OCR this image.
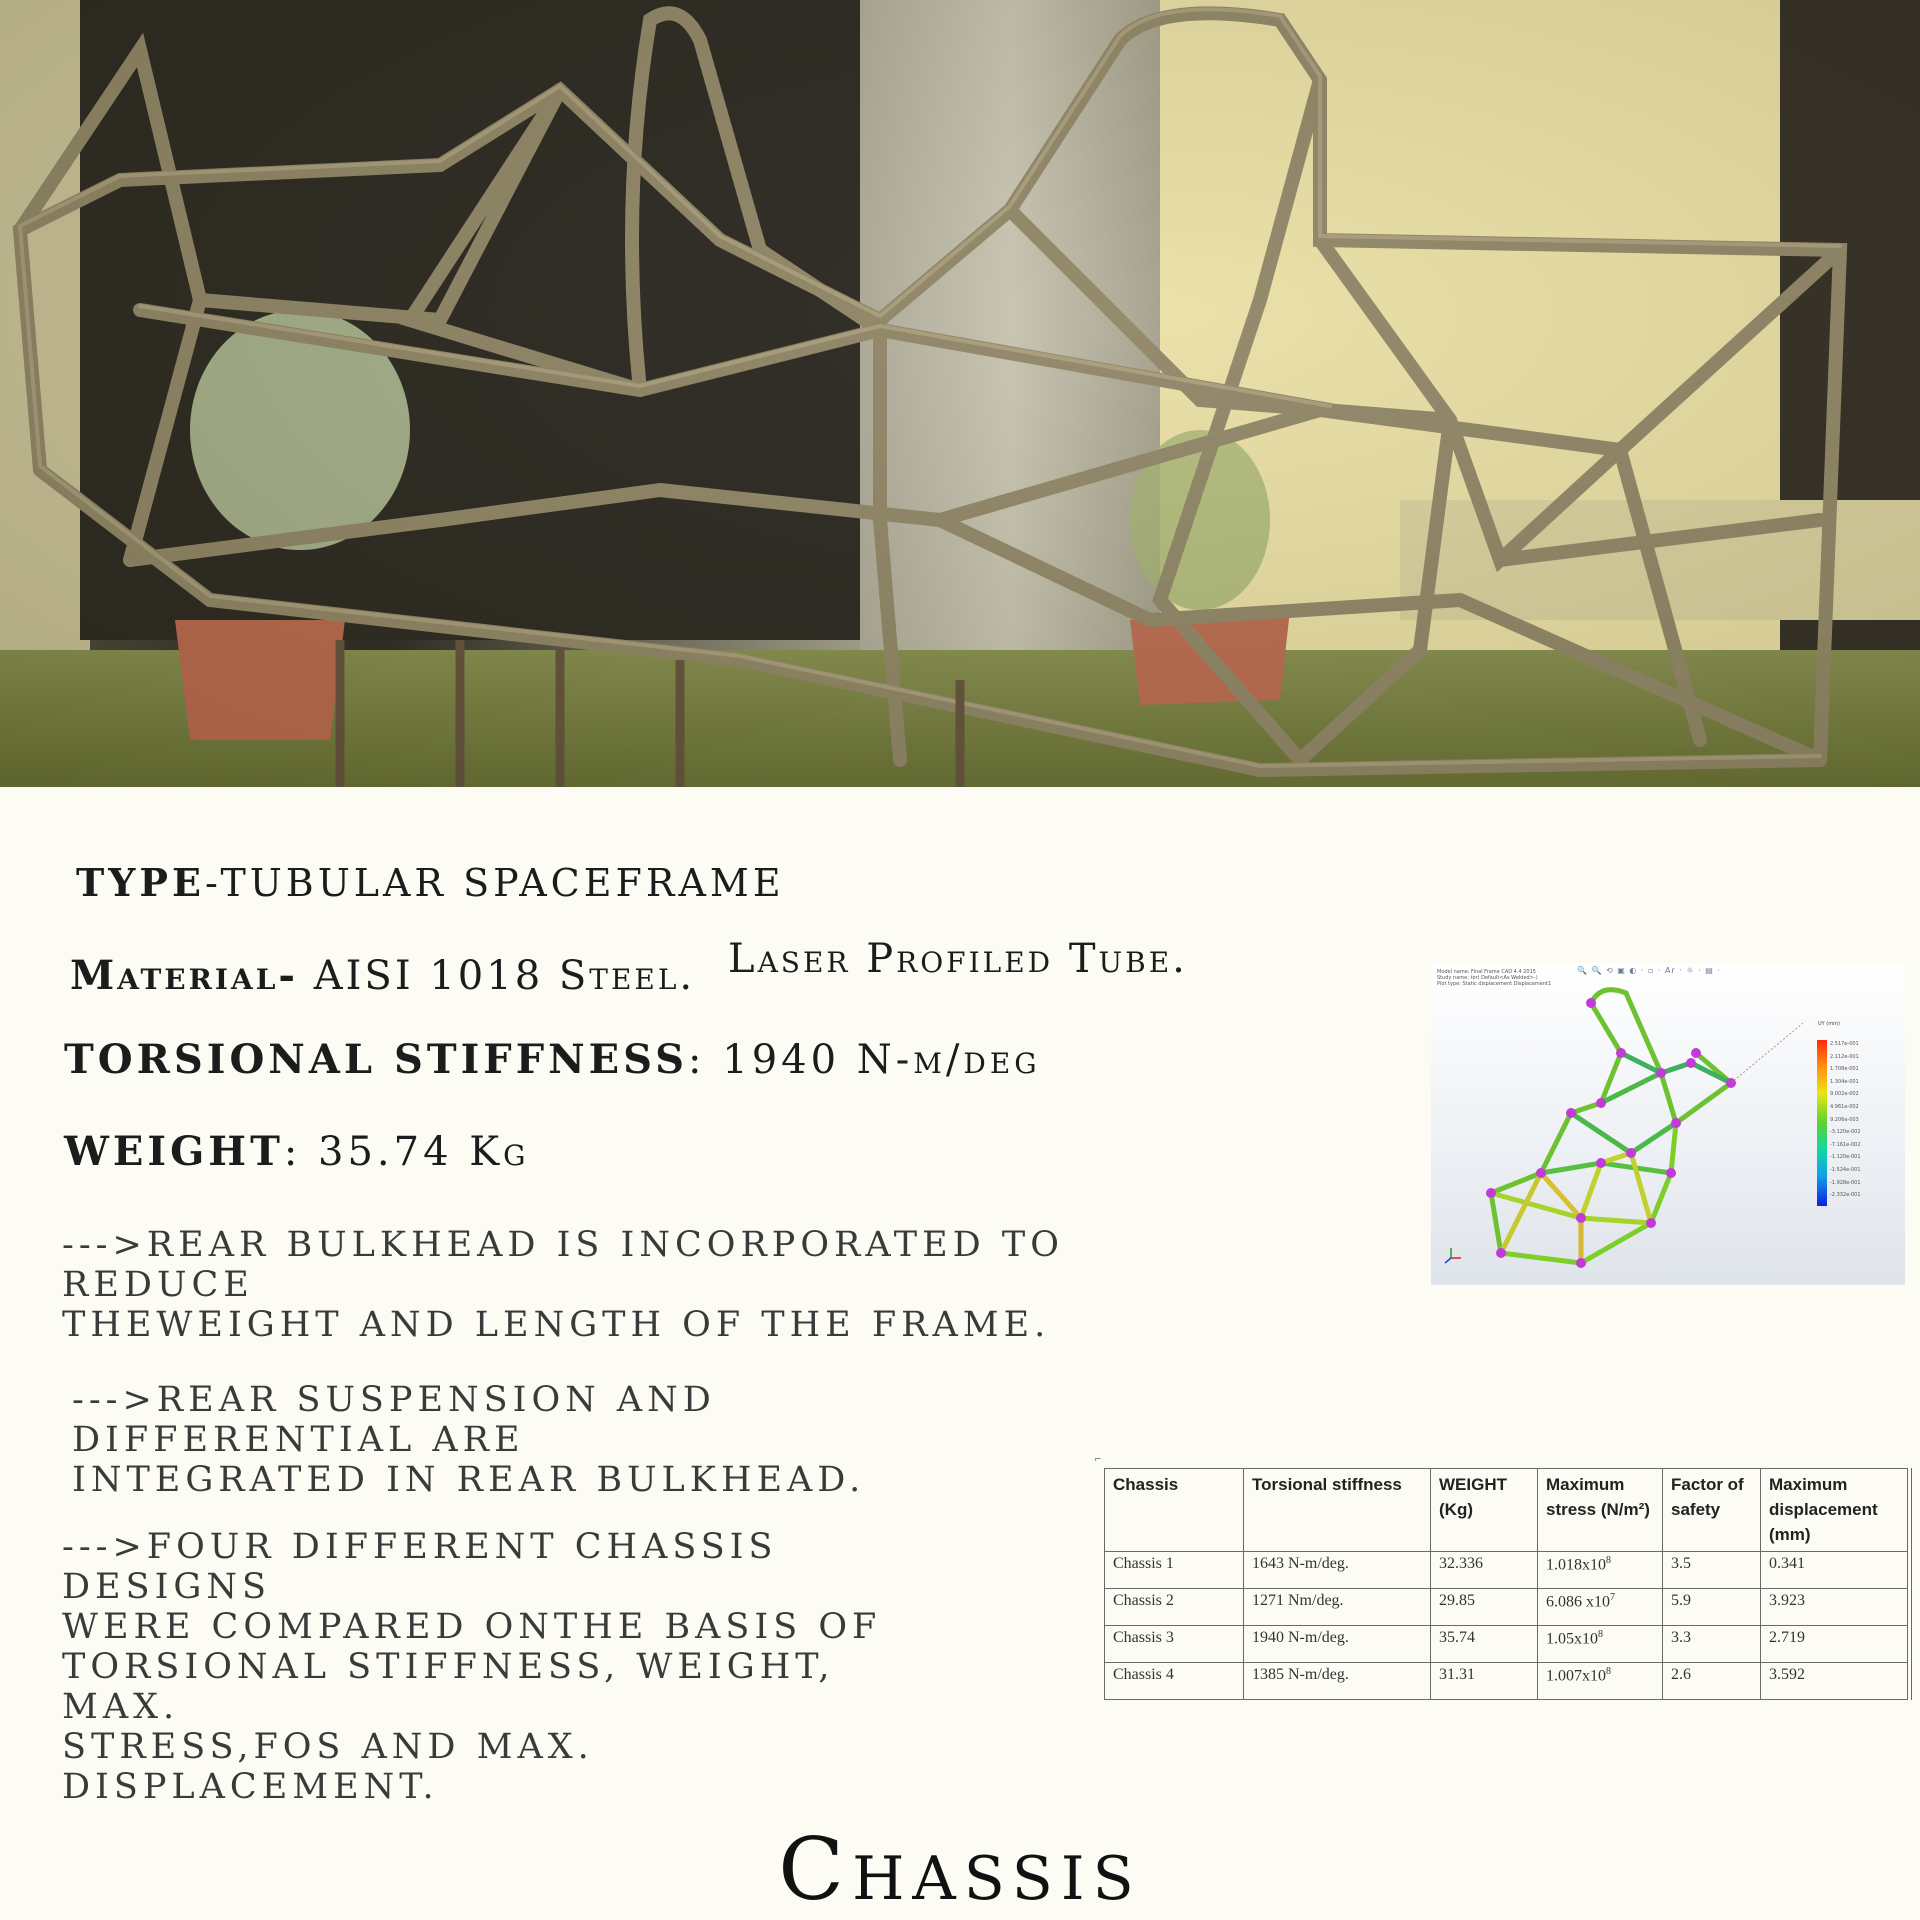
TYPE-TUBULAR SPACEFRAME
Material- AISI 1018 Steel. Laser Profiled Tube.
TORSIONAL STIFFNESS: 1940 N-m/deg
WEIGHT: 35.74 Kg
--->REAR BULKHEAD IS INCORPORATED TO REDUCE
THEWEIGHT AND LENGTH OF THE FRAME.
--->REAR SUSPENSION AND DIFFERENTIAL ARE
INTEGRATED IN REAR BULKHEAD.
--->FOUR DIFFERENT CHASSIS DESIGNS
WERE COMPARED ONTHE BASIS OF
TORSIONAL STIFFNESS, WEIGHT, MAX.
STRESS,FOS AND MAX. DISPLACEMENT.
Model name: Final Frame CAD 4.4 2015
Study name: tor( Default<As Welded>-)
Plot type: Static displacement Displacement1
🔍 🔍 ⟲ ▣ ◐ · ▫ · Ar · ☼ · ▤ ·
UY (mm)
2.517e-001
2.112e-001
1.708e-001
1.304e-001
9.002e-002
4.961e-002
9.206e-003
-3.120e-002
-7.161e-002
-1.120e-001
-1.524e-001
-1.928e-001
-2.332e-001
⌐
Chassis	Torsional stiffness	WEIGHT (Kg)	Maximum stress (N/m²)	Factor of safety	Maximum displacement (mm)
Chassis 1	1643 N-m/deg.	32.336	$1.018x10^8$	3.5	0.341
Chassis 2	1271 Nm/deg.	29.85	6.086 $x10^7$	5.9	3.923
Chassis 3	1940 N-m/deg.	35.74	$1.05x10^8$	3.3	2.719
Chassis 4	1385 N-m/deg.	31.31	$1.007x10^8$	2.6	3.592
Chassis
